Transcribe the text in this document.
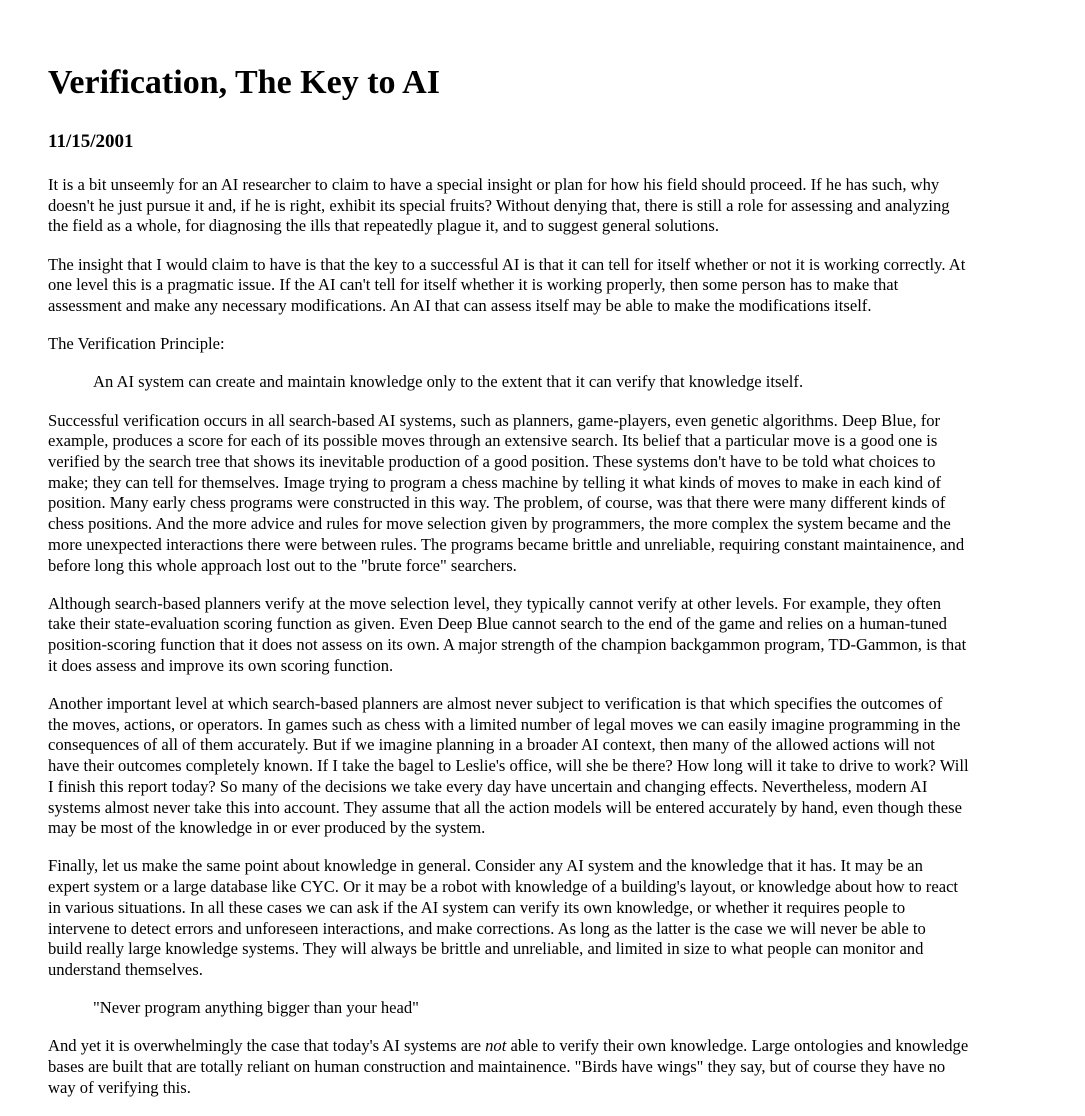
Verification, The Key to AI

11/15/2001

It is a bit unseemly for an AI researcher to claim to have a special insight or plan for how his field should proceed. If he has such, why
doesn't he just pursue it and, if he is right, exhibit its special fruits? Without denying that, there is still a role for assessing and analyzing
the field as a whole, for diagnosing the ills that repeatedly plague it, and to suggest general solutions.

The insight that I would claim to have is that the key to a successful AI is that it can tell for itself whether or not it is working correctly. At
one level this is a pragmatic issue. If the AI can't tell for itself whether it is working properly, then some person has to make that
assessment and make any necessary modifications. An AI that can assess itself may be able to make the modifications itself.

The Verification Principle:

An AI system can create and maintain knowledge only to the extent that it can verify that knowledge itself.

Successful verification occurs in all search-based AI systems, such as planners, game-players, even genetic algorithms. Deep Blue, for
example, produces a score for each of its possible moves through an extensive search. Its belief that a particular move is a good one is
verified by the search tree that shows its inevitable production of a good position. These systems don't have to be told what choices to
make; they can tell for themselves. Image trying to program a chess machine by telling it what kinds of moves to make in each kind of
position. Many early chess programs were constructed in this way. The problem, of course, was that there were many different kinds of
chess positions. And the more advice and rules for move selection given by programmers, the more complex the system became and the
more unexpected interactions there were between rules. The programs became brittle and unreliable, requiring constant maintainence, and
before long this whole approach lost out to the "brute force" searchers.

Although search-based planners verify at the move selection level, they typically cannot verify at other levels. For example, they often
take their state-evaluation scoring function as given. Even Deep Blue cannot search to the end of the game and relies on a human-tuned
position-scoring function that it does not assess on its own. A major strength of the champion backgammon program, TD-Gammon, is that
it does assess and improve its own scoring function.

Another important level at which search-based planners are almost never subject to verification is that which specifies the outcomes of
the moves, actions, or operators. In games such as chess with a limited number of legal moves we can easily imagine programming in the
consequences of all of them accurately. But if we imagine planning in a broader AI context, then many of the allowed actions will not
have their outcomes completely known. If I take the bagel to Leslie's office, will she be there? How long will it take to drive to work? Will
I finish this report today? So many of the decisions we take every day have uncertain and changing effects. Nevertheless, modern AI
systems almost never take this into account. They assume that all the action models will be entered accurately by hand, even though these
may be most of the knowledge in or ever produced by the system.

Finally, let us make the same point about knowledge in general. Consider any AI system and the knowledge that it has. It may be an
expert system or a large database like CYC. Or it may be a robot with knowledge of a building's layout, or knowledge about how to react
in various situations. In all these cases we can ask if the AI system can verify its own knowledge, or whether it requires people to
intervene to detect errors and unforeseen interactions, and make corrections. As long as the latter is the case we will never be able to
build really large knowledge systems. They will always be brittle and unreliable, and limited in size to what people can monitor and
understand themselves.

"Never program anything bigger than your head"

And yet it is overwhelmingly the case that today's AI systems are not able to verify their own knowledge. Large ontologies and knowledge
bases are built that are totally reliant on human construction and maintainence. "Birds have wings" they say, but of course they have no
way of verifying this.
